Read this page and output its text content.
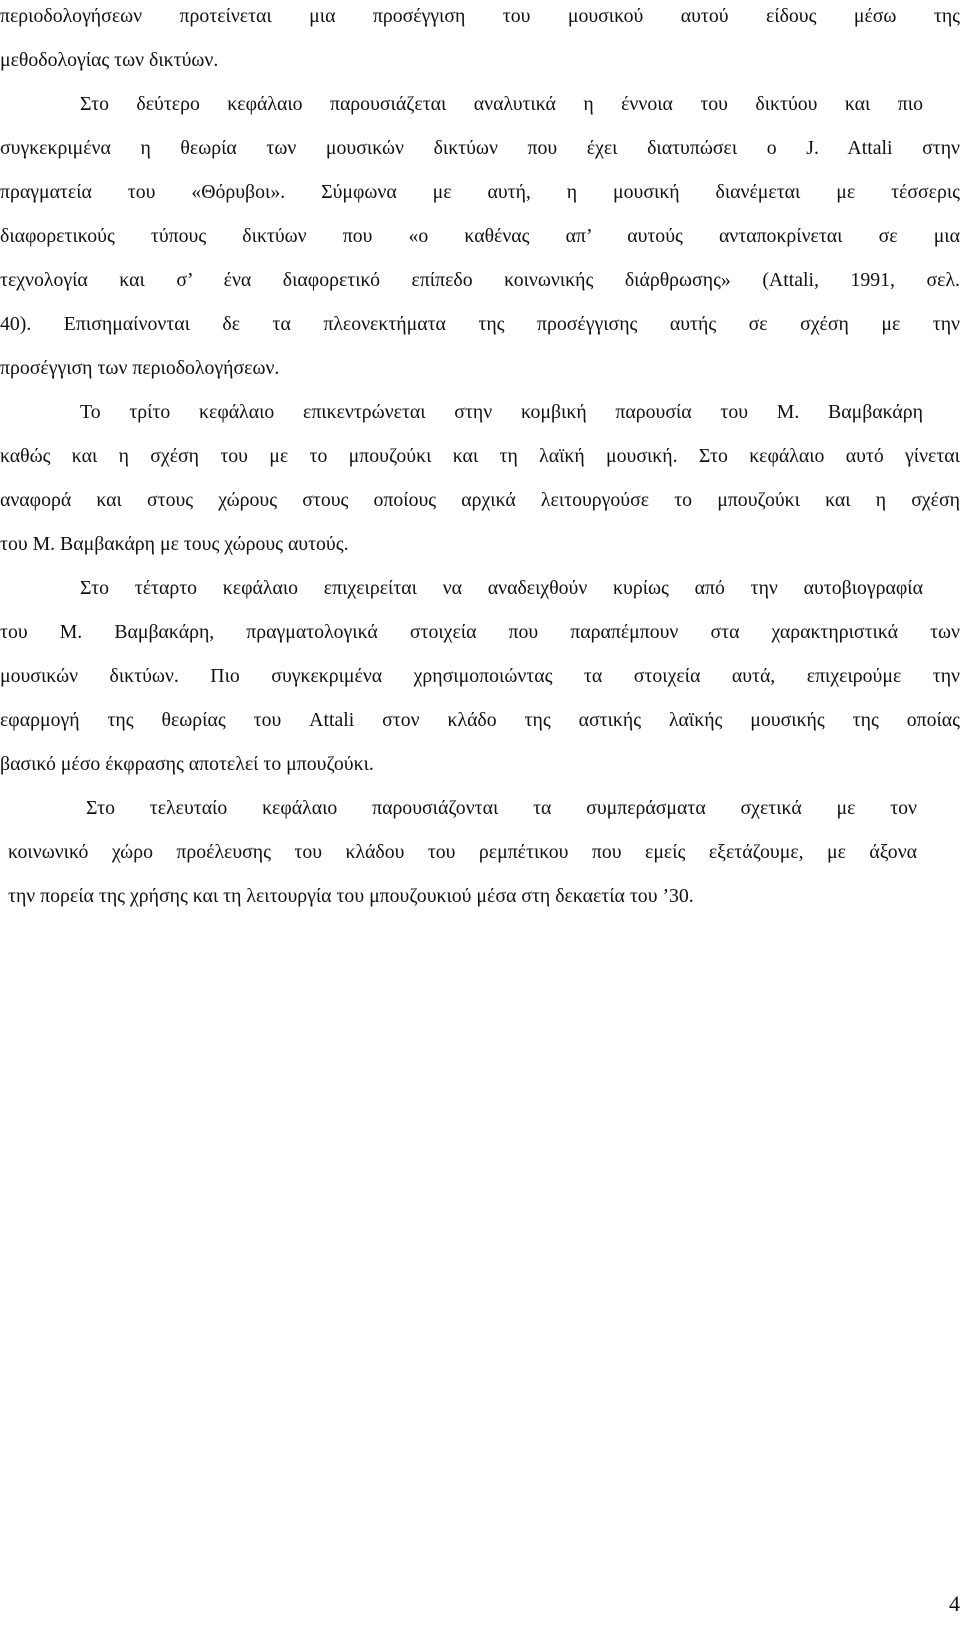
περιοδολογήσεων προτείνεται μια προσέγγιση του μουσικού αυτού είδους μέσω της
μεθοδολογίας των δικτύων.
Στο δεύτερο κεφάλαιο παρουσιάζεται αναλυτικά η έννοια του δικτύου και πιο
συγκεκριμένα η θεωρία των μουσικών δικτύων που έχει διατυπώσει ο J. Attali στην
πραγματεία του «Θόρυβοι». Σύμφωνα με αυτή, η μουσική διανέμεται με τέσσερις
διαφορετικούς τύπους δικτύων που «ο καθένας απ’ αυτούς ανταποκρίνεται σε μια
τεχνολογία και σ’ ένα διαφορετικό επίπεδο κοινωνικής διάρθρωσης» (Attali, 1991, σελ.
40). Επισημαίνονται δε τα πλεονεκτήματα της προσέγγισης αυτής σε σχέση με την
προσέγγιση των περιοδολογήσεων.
Το τρίτο κεφάλαιο επικεντρώνεται στην κομβική παρουσία του Μ. Βαμβακάρη
καθώς και η σχέση του με το μπουζούκι και τη λαϊκή μουσική. Στο κεφάλαιο αυτό γίνεται
αναφορά και στους χώρους στους οποίους αρχικά λειτουργούσε το μπουζούκι και η σχέση
του Μ. Βαμβακάρη με τους χώρους αυτούς.
Στο τέταρτο κεφάλαιο επιχειρείται να αναδειχθούν κυρίως από την αυτοβιογραφία
του Μ. Βαμβακάρη, πραγματολογικά στοιχεία που παραπέμπουν στα χαρακτηριστικά των
μουσικών δικτύων. Πιο συγκεκριμένα χρησιμοποιώντας τα στοιχεία αυτά, επιχειρούμε την
εφαρμογή της θεωρίας του Attali στον κλάδο της αστικής λαϊκής μουσικής της οποίας
βασικό μέσο έκφρασης αποτελεί το μπουζούκι.
Στο τελευταίο κεφάλαιο παρουσιάζονται τα συμπεράσματα σχετικά με τον
κοινωνικό χώρο προέλευσης του κλάδου του ρεμπέτικου που εμείς εξετάζουμε, με άξονα
την πορεία της χρήσης και τη λειτουργία του μπουζουκιού μέσα στη δεκαετία του ’30.
4
